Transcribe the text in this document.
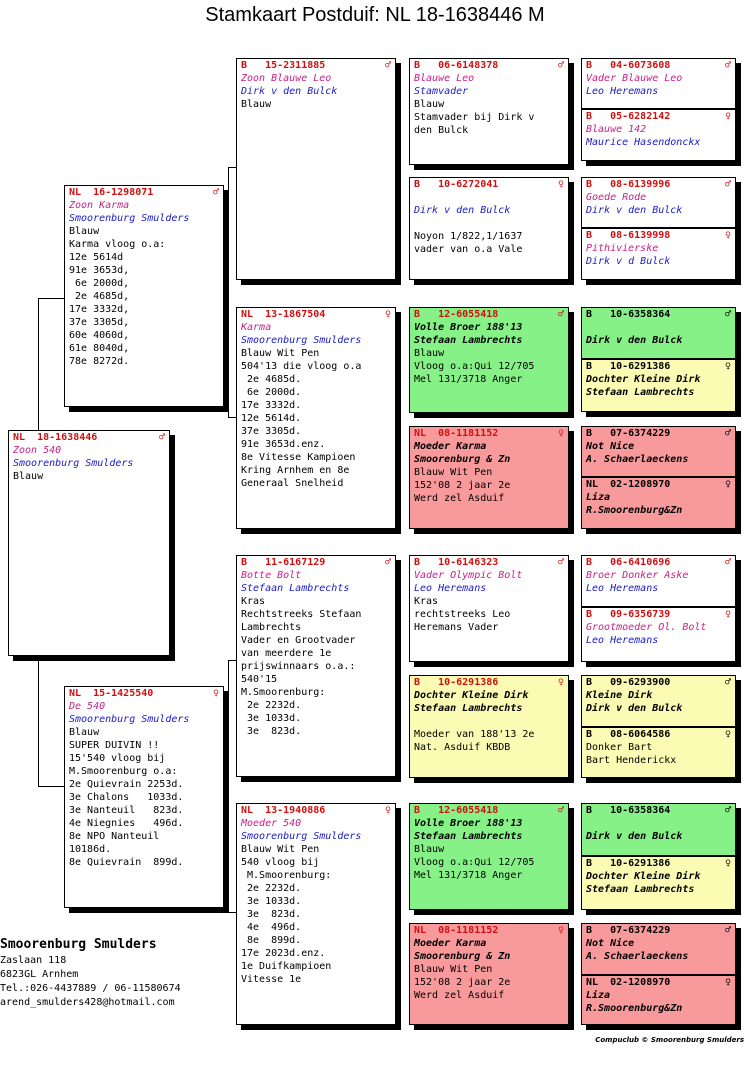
Stamkaart Postduif: NL 18-1638446 M
NL  18-1638446	♂
Zoon 540
Smoorenburg Smulders
Blauw
NL  16-1298071	♂
Zoon Karma
Smoorenburg Smulders
Blauw
Karma vloog o.a:
12e 5614d
91e 3653d,
6e 2000d,
2e 4685d,
17e 3332d,
37e 3305d,
60e 4060d,
61e 8040d,
78e 8272d.
NL  15-1425540	♀
De 540
Smoorenburg Smulders
Blauw
SUPER DUIVIN !!
15'540 vloog bij
M.Smoorenburg o.a:
2e Quievrain 2253d.
3e Chalons   1033d.
3e Nanteuil   823d.
4e Niegnies   496d.
8e NPO Nanteuil
10186d.
8e Quievrain  899d.
B   15-2311885	♂
Zoon Blauwe Leo
Dirk v den Bulck
Blauw
NL  13-1867504	♀
Karma
Smoorenburg Smulders
Blauw Wit Pen
504'13 die vloog o.a
2e 4685d.
6e 2000d.
17e 3332d.
12e 5614d.
37e 3305d.
91e 3653d.enz.
8e Vitesse Kampioen
Kring Arnhem en 8e
Generaal Snelheid
B   11-6167129	♂
Botte Bolt
Stefaan Lambrechts
Kras
Rechtstreeks Stefaan
Lambrechts
Vader en Grootvader
van meerdere 1e
prijswinnaars o.a.:
540'15
M.Smoorenburg:
2e 2232d.
3e 1033d.
3e  823d.
NL  13-1940886	♀
Moeder 540
Smoorenburg Smulders
Blauw Wit Pen
540 vloog bij
M.Smoorenburg:
2e 2232d.
3e 1033d.
3e  823d.
4e  496d.
8e  899d.
17e 2023d.enz.
1e Duifkampioen
Vitesse 1e
B   06-6148378	♂
Blauwe Leo
Stamvader
Blauw
Stamvader bij Dirk v
den Bulck
B   10-6272041	♀
Dirk v den Bulck
Noyon 1/822,1/1637
vader van o.a Vale
B   12-6055418	♂
Volle Broer 188'13
Stefaan Lambrechts
Blauw
Vloog o.a:Qui 12/705
Mel 131/3718 Anger
NL  08-1181152	♀
Moeder Karma
Smoorenburg & Zn
Blauw Wit Pen
152'08 2 jaar 2e
Werd zel Asduif
B   10-6146323	♂
Vader Olympic Bolt
Leo Heremans
Kras
rechtstreeks Leo
Heremans Vader
B   10-6291386	♀
Dochter Kleine Dirk
Stefaan Lambrechts
Moeder van 188'13 2e
Nat. Asduif KBDB
B   12-6055418	♂
Volle Broer 188'13
Stefaan Lambrechts
Blauw
Vloog o.a:Qui 12/705
Mel 131/3718 Anger
NL  08-1181152	♀
Moeder Karma
Smoorenburg & Zn
Blauw Wit Pen
152'08 2 jaar 2e
Werd zel Asduif
B   04-6073608	♂
Vader Blauwe Leo
Leo Heremans
B   05-6282142	♀
Blauwe 142
Maurice Hasendonckx
B   08-6139996	♂
Goede Rode
Dirk v den Bulck
B   08-6139998	♀
Pithivierske
Dirk v d Bulck
B   10-6358364	♂
Dirk v den Bulck
B   10-6291386	♀
Dochter Kleine Dirk
Stefaan Lambrechts
B   07-6374229	♂
Not Nice
A. Schaerlaeckens
NL  02-1208970	♀
Liza
R.Smoorenburg&Zn
B   06-6410696	♂
Broer Donker Aske
Leo Heremans
B   09-6356739	♀
Grootmoeder Ol. Bolt
Leo Heremans
B   09-6293900	♂
Kleine Dirk
Dirk v den Bulck
B   08-6064586	♀
Donker Bart
Bart Henderickx
B   10-6358364	♂
Dirk v den Bulck
B   10-6291386	♀
Dochter Kleine Dirk
Stefaan Lambrechts
B   07-6374229	♂
Not Nice
A. Schaerlaeckens
NL  02-1208970	♀
Liza
R.Smoorenburg&Zn
Smoorenburg Smulders
Zaslaan 118
6823GL Arnhem
Tel.:026-4437889 / 06-11580674
arend_smulders428@hotmail.com
Compuclub © Smoorenburg Smulders
